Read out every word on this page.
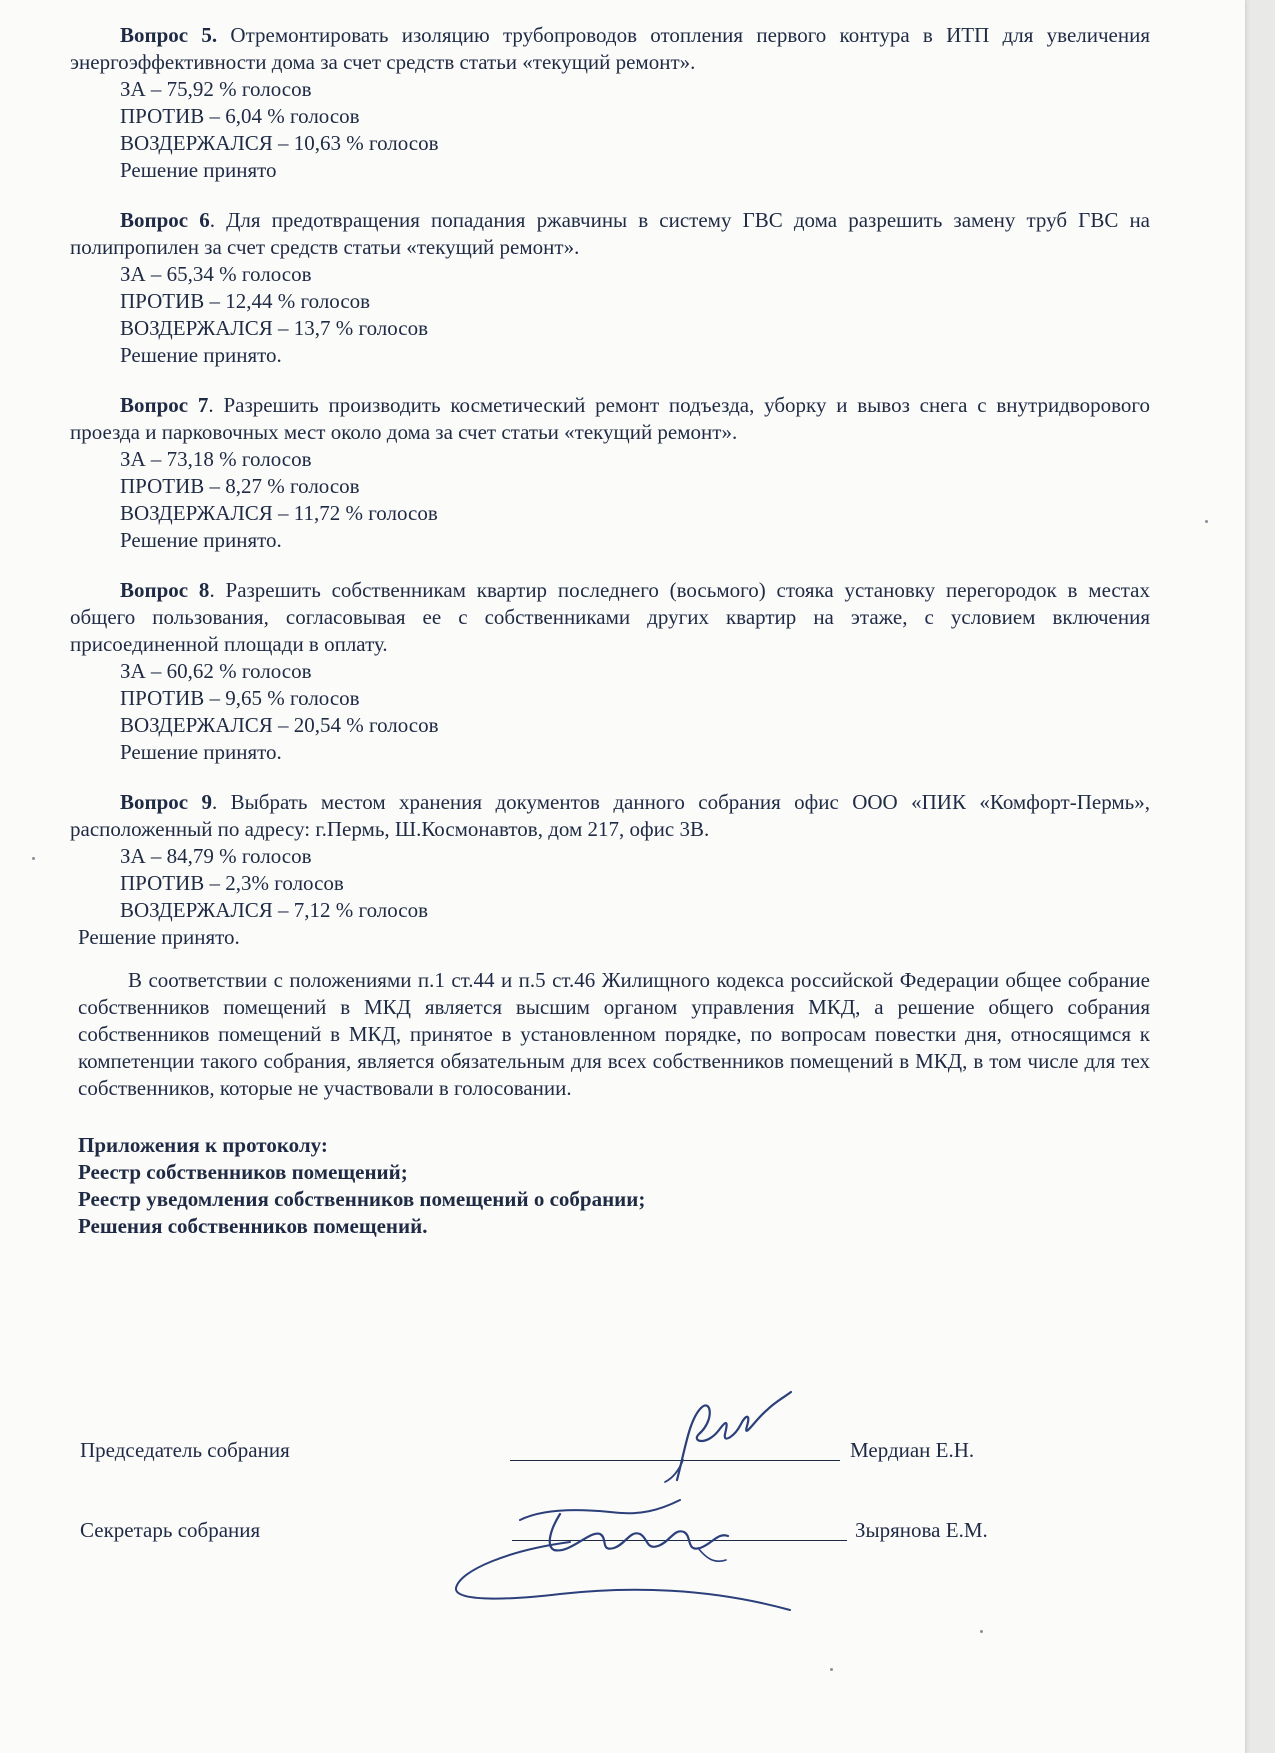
Вопрос 5. Отремонтировать изоляцию трубопроводов отопления первого контура в ИТП для увеличения энергоэффективности дома за счет средств статьи «текущий ремонт».

ЗА – 75,92 % голосов
ПРОТИВ – 6,04 % голосов
ВОЗДЕРЖАЛСЯ – 10,63 % голосов
Решение принято

Вопрос 6. Для предотвращения попадания ржавчины в систему ГВС дома разрешить замену труб ГВС на полипропилен за счет средств статьи «текущий ремонт».

ЗА – 65,34 % голосов
ПРОТИВ – 12,44 % голосов
ВОЗДЕРЖАЛСЯ – 13,7 % голосов
Решение принято.

Вопрос 7. Разрешить производить косметический ремонт подъезда, уборку и вывоз снега с внутридворового проезда и парковочных мест около дома за счет статьи «текущий ремонт».

ЗА – 73,18 % голосов
ПРОТИВ – 8,27 % голосов
ВОЗДЕРЖАЛСЯ – 11,72 % голосов
Решение принято.

Вопрос 8. Разрешить собственникам квартир последнего (восьмого) стояка установку перегородок в местах общего пользования, согласовывая ее с собственниками других квартир на этаже, с условием включения присоединенной площади в оплату.

ЗА – 60,62 % голосов
ПРОТИВ – 9,65 % голосов
ВОЗДЕРЖАЛСЯ – 20,54 % голосов
Решение принято.

Вопрос 9. Выбрать местом хранения документов данного собрания офис ООО «ПИК «Комфорт-Пермь», расположенный по адресу: г.Пермь, Ш.Космонавтов, дом 217, офис 3В.

ЗА – 84,79 % голосов
ПРОТИВ – 2,3% голосов
ВОЗДЕРЖАЛСЯ – 7,12 % голосов
Решение принято.

В соответствии с положениями п.1 ст.44 и п.5 ст.46 Жилищного кодекса российской Федерации общее собрание собственников помещений в МКД является высшим органом управления МКД, а решение общего собрания собственников помещений в МКД, принятое в установленном порядке, по вопросам повестки дня, относящимся к компетенции такого собрания, является обязательным для всех собственников помещений в МКД, в том числе для тех собственников, которые не участвовали в голосовании.

Приложения к протоколу:
Реестр собственников помещений;
Реестр уведомления собственников помещений о собрании;
Решения собственников помещений.
Председатель собрания	Мердиан Е.Н.
Секретарь собрания	Зырянова Е.М.
